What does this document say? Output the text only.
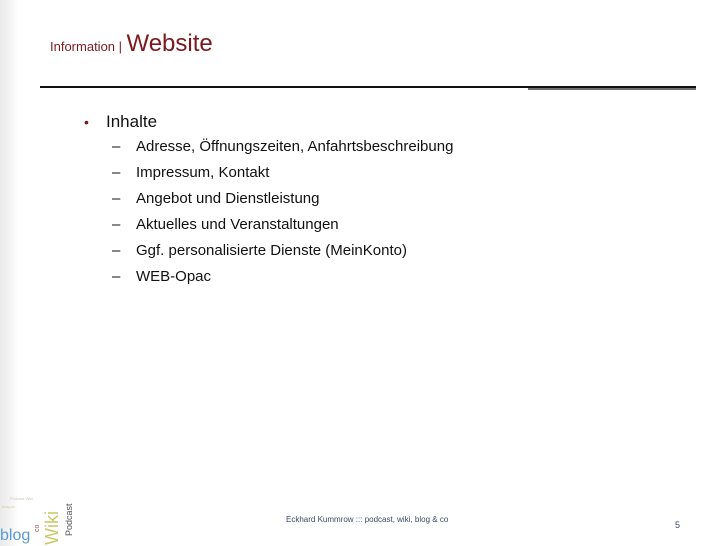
Information | Website
• Inhalte
–	Adresse, Öffnungszeiten, Anfahrtsbeschreibung
–	Impressum, Kontakt
–	Angebot und Dienstleistung
–	Aktuelles und Veranstaltungen
–	Ggf. personalisierte Dienste (MeinKonto)
–	WEB-Opac
Podcast Wiki
blog co
blog Wiki Podcast
co
Eckhard Kummrow ::: podcast, wiki, blog & co
5
